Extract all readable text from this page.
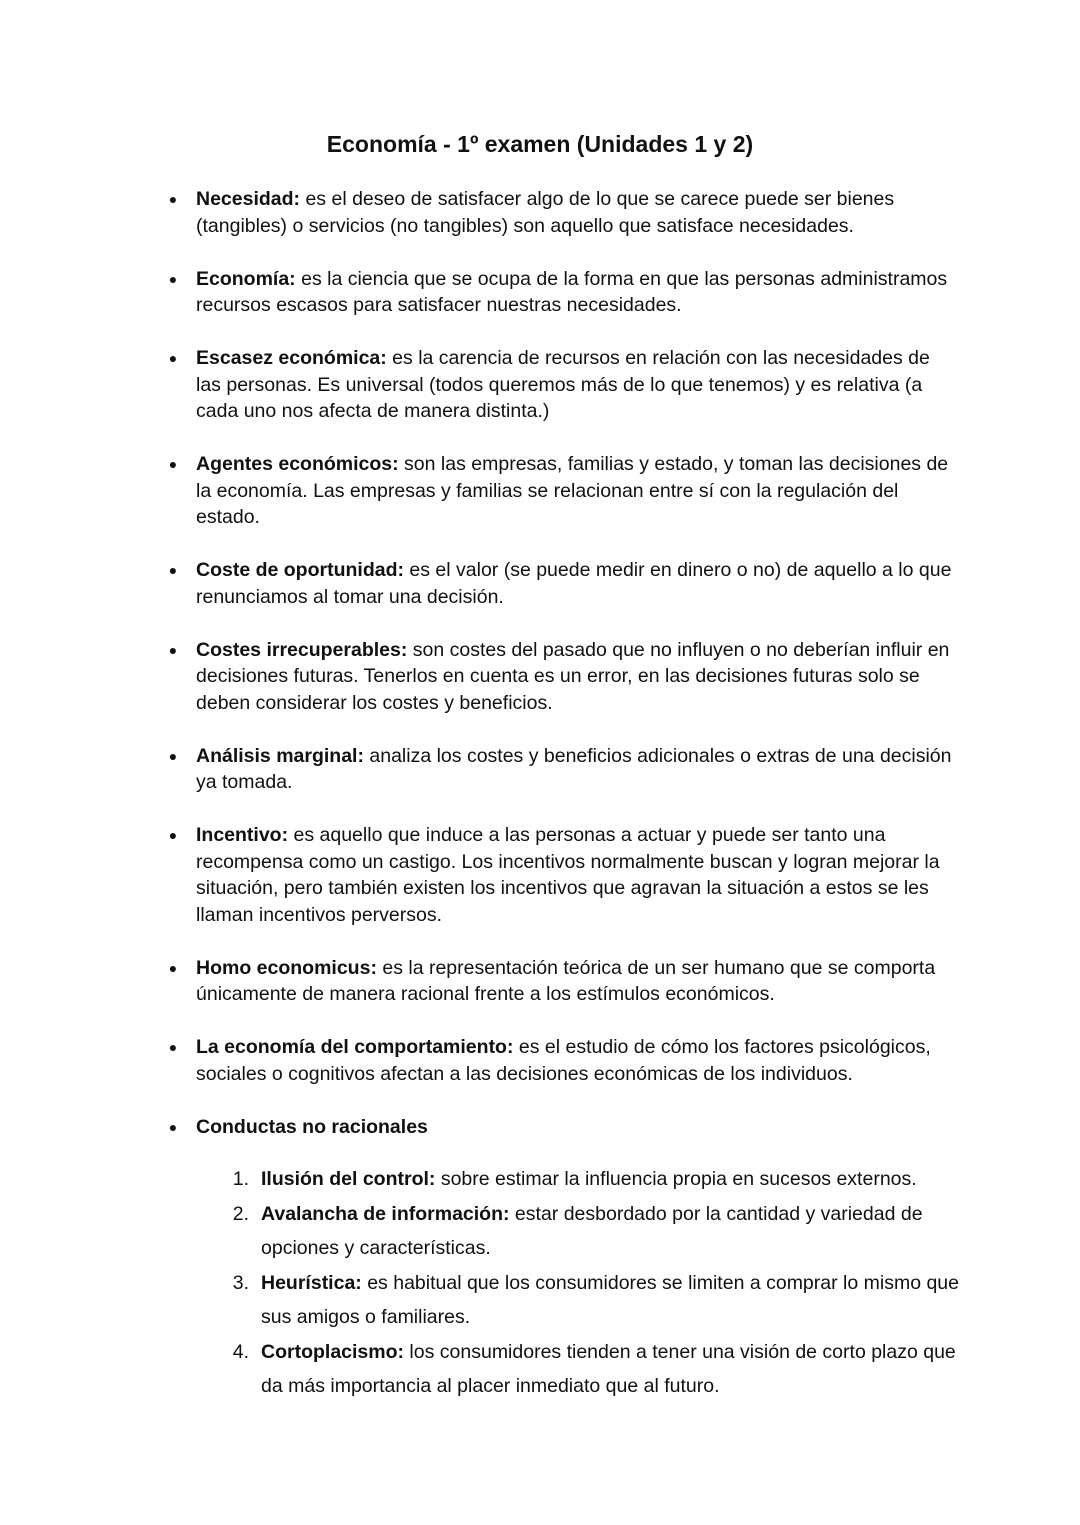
Economía - 1º examen (Unidades 1 y 2)
● Necesidad: es el deseo de satisfacer algo de lo que se carece puede ser bienes (tangibles) o servicios (no tangibles) son aquello que satisface necesidades.
● Economía: es la ciencia que se ocupa de la forma en que las personas administramos recursos escasos para satisfacer nuestras necesidades.
● Escasez económica: es la carencia de recursos en relación con las necesidades de las personas. Es universal (todos queremos más de lo que tenemos) y es relativa (a cada uno nos afecta de manera distinta.)
● Agentes económicos: son las empresas, familias y estado, y toman las decisiones de la economía. Las empresas y familias se relacionan entre sí con la regulación del estado.
● Coste de oportunidad: es el valor (se puede medir en dinero o no) de aquello a lo que renunciamos al tomar una decisión.
● Costes irrecuperables: son costes del pasado que no influyen o no deberían influir en decisiones futuras. Tenerlos en cuenta es un error, en las decisiones futuras solo se deben considerar los costes y beneficios.
● Análisis marginal: analiza los costes y beneficios adicionales o extras de una decisión ya tomada.
● Incentivo: es aquello que induce a las personas a actuar y puede ser tanto una recompensa como un castigo. Los incentivos normalmente buscan y logran mejorar la situación, pero también existen los incentivos que agravan la situación a estos se les llaman incentivos perversos.
● Homo economicus: es la representación teórica de un ser humano que se comporta únicamente de manera racional frente a los estímulos económicos.
● La economía del comportamiento: es el estudio de cómo los factores psicológicos, sociales o cognitivos afectan a las decisiones económicas de los individuos.
● Conductas no racionales
1. Ilusión del control: sobre estimar la influencia propia en sucesos externos.
2. Avalancha de información: estar desbordado por la cantidad y variedad de opciones y características.
3. Heurística: es habitual que los consumidores se limiten a comprar lo mismo que sus amigos o familiares.
4. Cortoplacismo: los consumidores tienden a tener una visión de corto plazo que da más importancia al placer inmediato que al futuro.
